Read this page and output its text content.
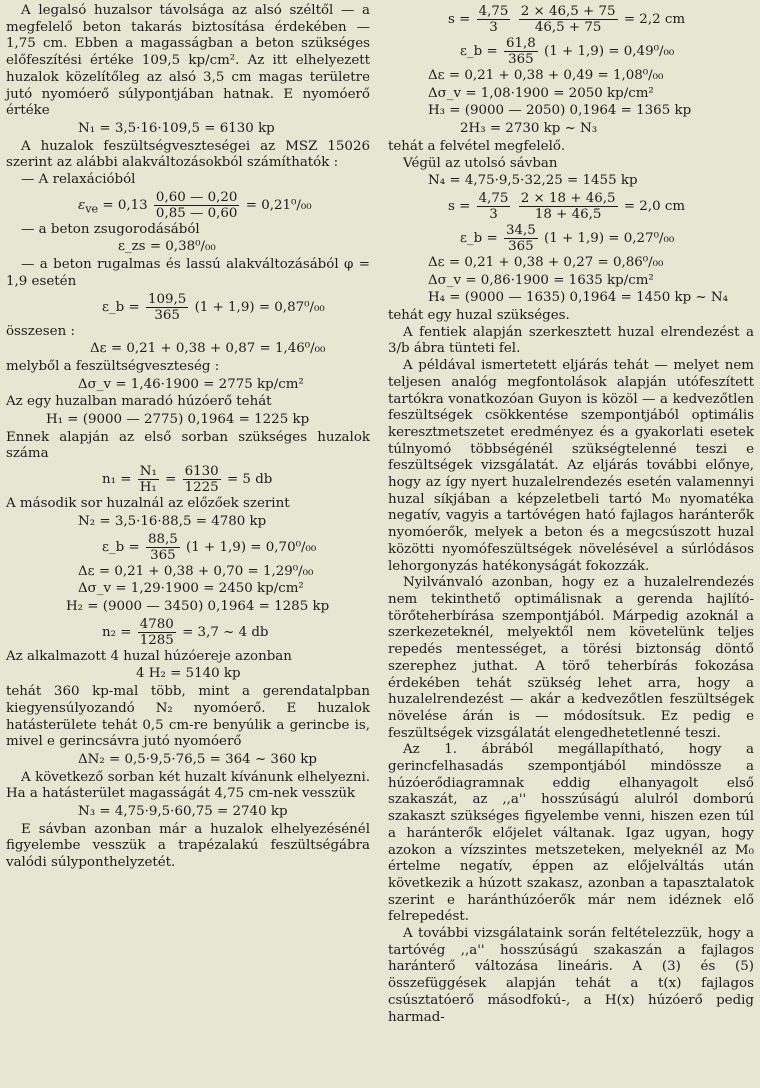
A legalsó huzalsor távolsága az alsó széltől — a megfelelő beton takarás biztosítása érdekében — 1,75 cm. Ebben a magasságban a beton szükséges előfeszítési értéke 109,5 kp/cm². Az itt elhelyezett huzalok közelítőleg az alsó 3,5 cm magas területre jutó nyomóerő súlypontjában hatnak. E nyomóerő értéke

N₁ = 3,5·16·109,5 = 6130 kp

A huzalok feszültségveszteségei az MSZ 15026 szerint az alábbi alakváltozásokból számíthatók :

— A relaxációból

$\varepsilon_{ve} = 0,13 \frac{0,60 — 0,20}{0,85 — 0,60} = 0,21^0/_{00}$

— a beton zsugorodásából

ε_zs = 0,38⁰/₀₀

— a beton rugalmas és lassú alakváltozásából φ = 1,9 esetén

ε_b = $\frac{109,5}{365} (1 + 1,9) = 0,87^0/_{00}$

összesen :

Δε = 0,21 + 0,38 + 0,87 = 1,46⁰/₀₀

melyből a feszültségveszteség :

Δσ_v = 1,46·1900 = 2775 kp/cm²

Az egy huzalban maradó húzóerő tehát

H₁ = (9000 — 2775) 0,1964 = 1225 kp

Ennek alapján az első sorban szükséges huzalok száma

$n_1 = \frac{\text{N₁}}{\text{H₁}} = \frac{6130}{1225} = 5$ db

A második sor huzalnál az előzőek szerint

N₂ = 3,5·16·88,5 = 4780 kp
ε_b = $\frac{88,5}{365} (1 + 1,9) = 0,70^0/_{00}$
Δε = 0,21 + 0,38 + 0,70 = 1,29⁰/₀₀
Δσ_v = 1,29·1900 = 2450 kp/cm²
H₂ = (9000 — 3450) 0,1964 = 1285 kp
$n_2 = \frac{4780}{1285} = 3,7$ ~ 4 db

Az alkalmazott 4 huzal húzóereje azonban

4 H₂ = 5140 kp

tehát 360 kp-mal több, mint a gerendatalpban kiegyensúlyozandó N₂ nyomóerő. E huzalok hatásterülete tehát 0,5 cm-re benyúlik a gerincbe is, mivel e gerincsávra jutó nyomóerő

ΔN₂ = 0,5·9,5·76,5 = 364 ~ 360 kp

A következő sorban két huzalt kívánunk elhelyezni. Ha a hatásterület magasságát 4,75 cm-nek vesszük

N₃ = 4,75·9,5·60,75 = 2740 kp

E sávban azonban már a huzalok elhelyezésénél figyelembe vesszük a trapézalakú feszültségábra valódi súlyponthelyzetét.

$s = \frac{4,75}{3}$
$\frac{2 \times 46,5 + 75}{46,5 + 75} = 2,2$ cm
ε_b = $\frac{61,8}{365} (1 + 1,9) = 0,49^0/_{00}$
Δε = 0,21 + 0,38 + 0,49 = 1,08⁰/₀₀
Δσ_v = 1,08·1900 = 2050 kp/cm²
H₃ = (9000 — 2050) 0,1964 = 1365 kp
2H₃ = 2730 kp ~ N₃

tehát a felvétel megfelelő.

Végül az utolsó sávban

N₄ = 4,75·9,5·32,25 = 1455 kp
$s = \frac{4,75}{3}$
$\frac{2 \times 18 + 46,5}{18 + 46,5} = 2,0$ cm
ε_b = $\frac{34,5}{365} (1 + 1,9) = 0,27^0/_{00}$
Δε = 0,21 + 0,38 + 0,27 = 0,86⁰/₀₀
Δσ_v = 0,86·1900 = 1635 kp/cm²
H₄ = (9000 — 1635) 0,1964 = 1450 kp ~ N₄

tehát egy huzal szükséges.

A fentiek alapján szerkesztett huzal elrendezést a 3/b ábra tünteti fel.

A példával ismertetett eljárás tehát — melyet nem teljesen analóg megfontolások alapján utófeszített tartókra vonatkozóan Guyon is közöl — a kedvezőtlen feszültségek csökkentése szempontjából optimális keresztmetszetet eredményez és a gyakorlati esetek túlnyomó többségénél szükségtelenné teszi e feszültségek vizsgálatát. Az eljárás további előnye, hogy az így nyert huzalelrendezés esetén valamennyi huzal síkjában a képzeletbeli tartó M₀ nyomatéka negatív, vagyis a tartóvégen ható fajlagos haránterők nyomóerők, melyek a beton és a megcsúszott huzal közötti nyomófeszültségek növelésével a súrlódásos lehorgonyzás hatékonyságát fokozzák.

Nyilvánvaló azonban, hogy ez a huzalelrendezés nem tekinthető optimálisnak a gerenda hajlító-törőteherbírása szempontjából. Márpedig azoknál a szerkezeteknél, melyektől nem követelünk teljes repedés mentességet, a törési biztonság döntő szerephez juthat. A törő teherbírás fokozása érdekében tehát szükség lehet arra, hogy a huzalelrendezést — akár a kedvezőtlen feszültségek növelése árán is — módosítsuk. Ez pedig e feszültségek vizsgálatát elengedhetetlenné teszi.

Az 1. ábrából megállapítható, hogy a gerincfelhasadás szempontjából mindössze a húzóerődiagramnak eddig elhanyagolt első szakaszát, az ,,a'' hosszúságú alulról domború szakaszt szükséges figyelembe venni, hiszen ezen túl a haránterők előjelet váltanak. Igaz ugyan, hogy azokon a vízszintes metszeteken, melyeknél az M₀ értelme negatív, éppen az előjelváltás után következik a húzott szakasz, azonban a tapasztalatok szerint e haránthúzóerők már nem idéznek elő felrepedést.

A további vizsgálataink során feltételezzük, hogy a tartóvég ,,a'' hosszúságú szakaszán a fajlagos haránterő változása lineáris. A (3) és (5) összefüggések alapján tehát a t(x) fajlagos csúsztatóerő másodfokú-, a H(x) húzóerő pedig harmad-
